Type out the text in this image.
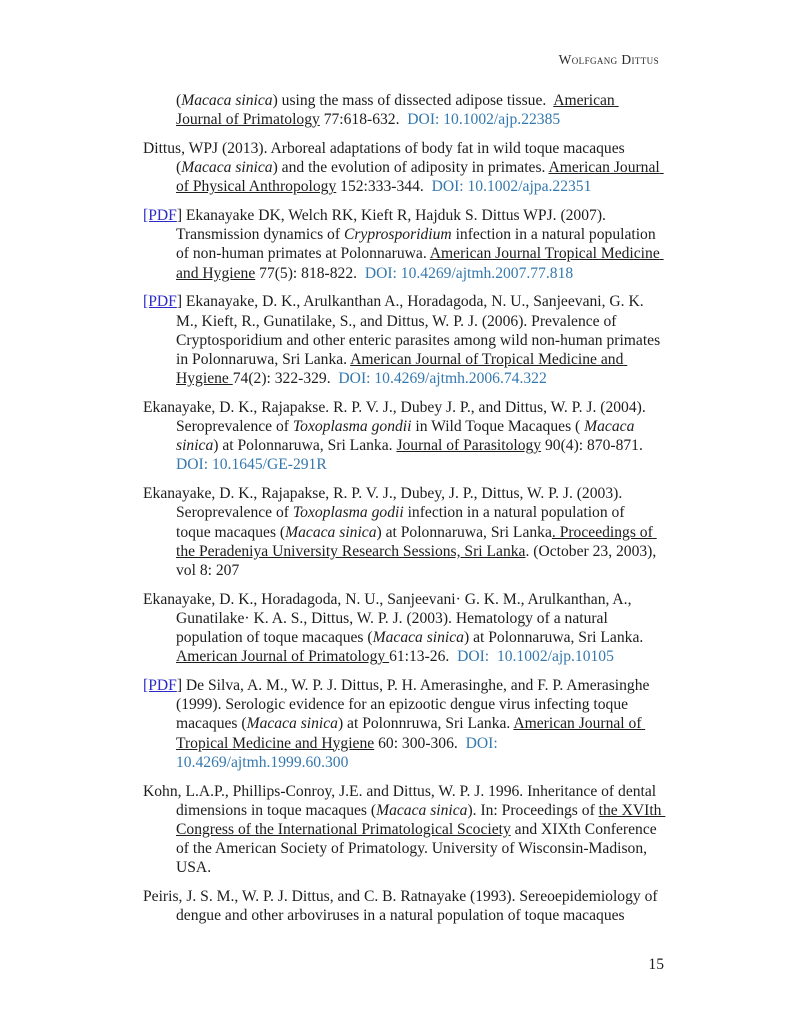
Wolfgang Dittus

(Macaca sinica) using the mass of dissected adipose tissue.  American Journal of Primatology 77:618-632.  DOI: 10.1002/ajp.22385

Dittus, WPJ (2013). Arboreal adaptations of body fat in wild toque macaques (Macaca sinica) and the evolution of adiposity in primates. American Journal of Physical Anthropology 152:333-344.  DOI: 10.1002/ajpa.22351

[PDF] Ekanayake DK, Welch RK, Kieft R, Hajduk S. Dittus WPJ. (2007). Transmission dynamics of Cryprosporidium infection in a natural population of non-human primates at Polonnaruwa. American Journal Tropical Medicine and Hygiene 77(5): 818-822.  DOI: 10.4269/ajtmh.2007.77.818

[PDF] Ekanayake, D. K., Arulkanthan A., Horadagoda, N. U., Sanjeevani, G. K. M., Kieft, R., Gunatilake, S., and Dittus, W. P. J. (2006). Prevalence of Cryptosporidium and other enteric parasites among wild non-human primates in Polonnaruwa, Sri Lanka. American Journal of Tropical Medicine and Hygiene 74(2): 322-329.  DOI: 10.4269/ajtmh.2006.74.322

Ekanayake, D. K., Rajapakse. R. P. V. J., Dubey J. P., and Dittus, W. P. J. (2004). Seroprevalence of Toxoplasma gondii in Wild Toque Macaques ( Macaca sinica) at Polonnaruwa, Sri Lanka. Journal of Parasitology 90(4): 870-871. DOI: 10.1645/GE-291R

Ekanayake, D. K., Rajapakse, R. P. V. J., Dubey, J. P., Dittus, W. P. J. (2003). Seroprevalence of Toxoplasma godii infection in a natural population of toque macaques (Macaca sinica) at Polonnaruwa, Sri Lanka. Proceedings of the Peradeniya University Research Sessions, Sri Lanka. (October 23, 2003), vol 8: 207

Ekanayake, D. K., Horadagoda, N. U., Sanjeevani· G. K. M., Arulkanthan, A., Gunatilake· K. A. S., Dittus, W. P. J. (2003). Hematology of a natural population of toque macaques (Macaca sinica) at Polonnaruwa, Sri Lanka. American Journal of Primatology 61:13-26.  DOI:  10.1002/ajp.10105

[PDF] De Silva, A. M., W. P. J. Dittus, P. H. Amerasinghe, and F. P. Amerasinghe (1999). Serologic evidence for an epizootic dengue virus infecting toque macaques (Macaca sinica) at Polonnruwa, Sri Lanka. American Journal of Tropical Medicine and Hygiene 60: 300-306.  DOI: 10.4269/ajtmh.1999.60.300

Kohn, L.A.P., Phillips-Conroy, J.E. and Dittus, W. P. J. 1996. Inheritance of dental dimensions in toque macaques (Macaca sinica). In: Proceedings of the XVIth Congress of the International Primatological Scociety and XIXth Conference of the American Society of Primatology. University of Wisconsin-Madison, USA.

Peiris, J. S. M., W. P. J. Dittus, and C. B. Ratnayake (1993). Sereoepidemiology of dengue and other arboviruses in a natural population of toque macaques

15
